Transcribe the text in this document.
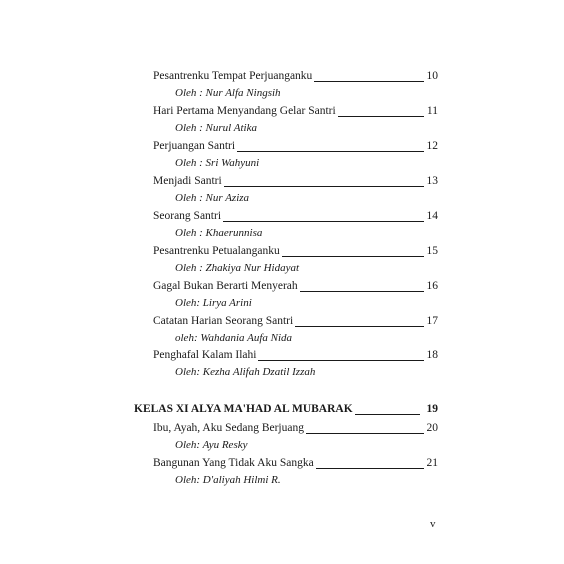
Pesantrenku Tempat Perjuanganku	10
Oleh : Nur Alfa Ningsih
Hari Pertama Menyandang Gelar Santri	11
Oleh : Nurul Atika
Perjuangan Santri	12
Oleh : Sri Wahyuni
Menjadi Santri	13
Oleh : Nur Aziza
Seorang Santri	14
Oleh : Khaerunnisa
Pesantrenku Petualanganku	15
Oleh : Zhakiya Nur Hidayat
Gagal Bukan Berarti Menyerah	16
Oleh: Lirya Arini
Catatan Harian Seorang Santri	17
oleh: Wahdania Aufa Nida
Penghafal Kalam Ilahi	18
Oleh: Kezha Alifah Dzatil Izzah
KELAS XI ALYA MA'HAD AL MUBARAK	19
Ibu, Ayah, Aku Sedang Berjuang	20
Oleh: Ayu Resky
Bangunan Yang Tidak Aku Sangka	21
Oleh: D'aliyah Hilmi R.
v
